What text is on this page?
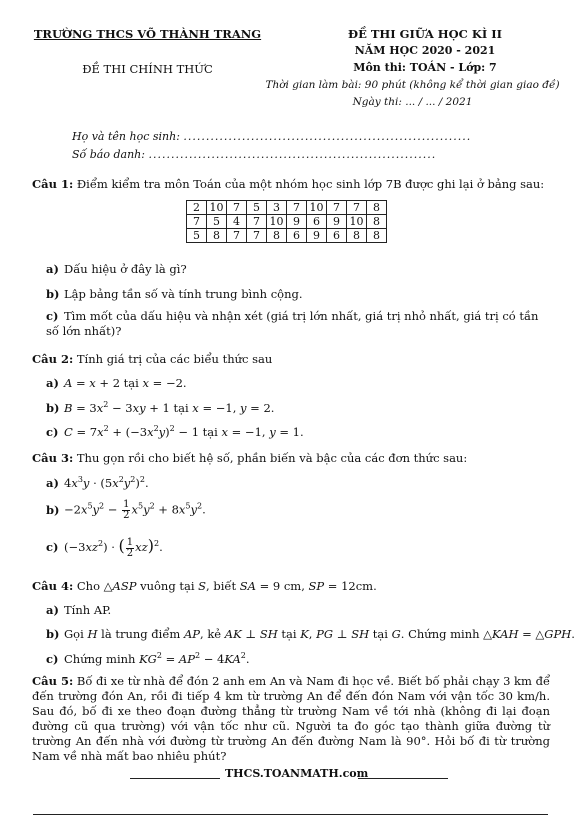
TRƯỜNG THCS VÕ THÀNH TRANG
ĐỀ THI CHÍNH THỨC
ĐỀ THI GIỮA HỌC KÌ II
NĂM HỌC 2020 - 2021
Môn thi: TOÁN - Lớp: 7
Thời gian làm bài: 90 phút (không kể thời gian giao đề)
Ngày thi: ... / ... / 2021
Họ và tên học sinh: ................................................................
Số báo danh: ................................................................
Câu 1: Điểm kiểm tra môn Toán của một nhóm học sinh lớp 7B được ghi lại ở bảng sau:
2	10	7	5	3	7	10	7	7	8
7	5	4	7	10	9	6	9	10	8
5	8	7	7	8	6	9	6	8	8
a) Dấu hiệu ở đây là gì?
b) Lập bảng tần số và tính trung bình cộng.
c) Tìm mốt của dấu hiệu và nhận xét (giá trị lớn nhất, giá trị nhỏ nhất, giá trị có tần số lớn nhất)?
Câu 2: Tính giá trị của các biểu thức sau
a) A = x + 2 tại x = −2.
b) $B = 3x^2 - 3xy + 1$ tại x = −1, y = 2.
c) $C = 7x^2 + (-3x^2y)^2 - 1$ tại x = −1, y = 1.
Câu 3: Thu gọn rồi cho biết hệ số, phần biến và bậc của các đơn thức sau:
a) $4x^3y \cdot (5x^2y^2)^2$.
$b) -2x^5y^2 - \frac{1}{2} x^5y^2 + 8x^5y^2$.
c) $(-3xz^2)$ · ( $\frac{1}{2} xz)^2$.
Câu 4: Cho △ASP vuông tại S, biết SA = 9 cm, SP = 12cm.
a) Tính AP.
b) Gọi H là trung điểm AP, kẻ AK ⊥ SH tại K, PG ⊥ SH tại G. Chứng minh △KAH = △GPH.
c) Chứng minh $KG^2 = AP^2 - 4KA^2$.
Câu 5: Bố đi xe từ nhà để đón 2 anh em An và Nam đi học về. Biết bố phải chạy 3 km để đến trường đón An, rồi đi tiếp 4 km từ trường An để đến đón Nam với vận tốc 30 km/h. Sau đó, bố đi xe theo đoạn đường thẳng từ trường Nam về tới nhà (không đi lại đoạn đường cũ qua trường) với vận tốc như cũ. Người ta đo góc tạo thành giữa đường từ trường An đến nhà với đường từ trường An đến đường Nam là 90°. Hỏi bố đi từ trường Nam về nhà mất bao nhiêu phút?
THCS.TOANMATH.com
